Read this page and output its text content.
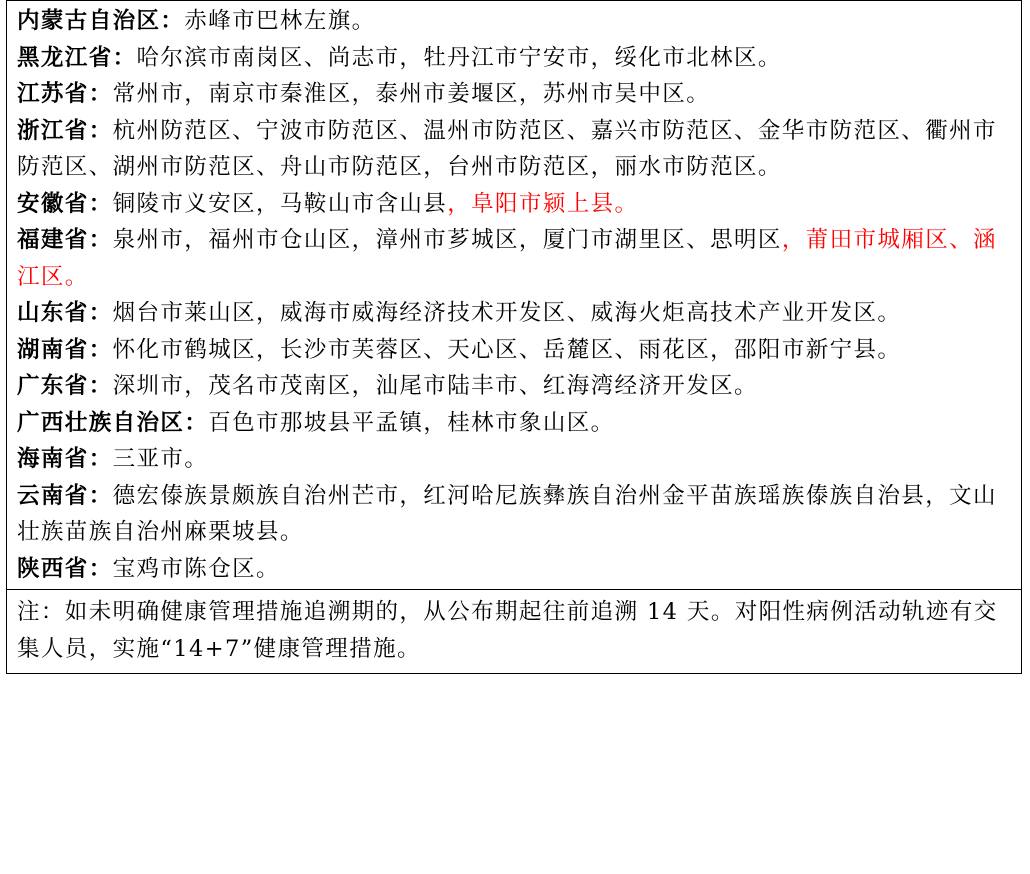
内蒙古自治区：赤峰市巴林左旗。
黑龙江省：哈尔滨市南岗区、尚志市，牡丹江市宁安市，绥化市北林区。
江苏省：常州市，南京市秦淮区，泰州市姜堰区，苏州市吴中区。
浙江省：杭州防范区、宁波市防范区、温州市防范区、嘉兴市防范区、金华市防范区、衢州市防范区、湖州市防范区、舟山市防范区，台州市防范区，丽水市防范区。
安徽省：铜陵市义安区，马鞍山市含山县，阜阳市颍上县。
福建省：泉州市，福州市仓山区，漳州市芗城区，厦门市湖里区、思明区，莆田市城厢区、涵江区。
山东省：烟台市莱山区，威海市威海经济技术开发区、威海火炬高技术产业开发区。
湖南省：怀化市鹤城区，长沙市芙蓉区、天心区、岳麓区、雨花区，邵阳市新宁县。
广东省：深圳市，茂名市茂南区，汕尾市陆丰市、红海湾经济开发区。
广西壮族自治区：百色市那坡县平孟镇，桂林市象山区。
海南省：三亚市。
云南省：德宏傣族景颇族自治州芒市，红河哈尼族彝族自治州金平苗族瑶族傣族自治县，文山壮族苗族自治州麻栗坡县。
陕西省：宝鸡市陈仓区。
注：如未明确健康管理措施追溯期的，从公布期起往前追溯 14 天。对阳性病例活动轨迹有交集人员，实施“14+7”健康管理措施。
